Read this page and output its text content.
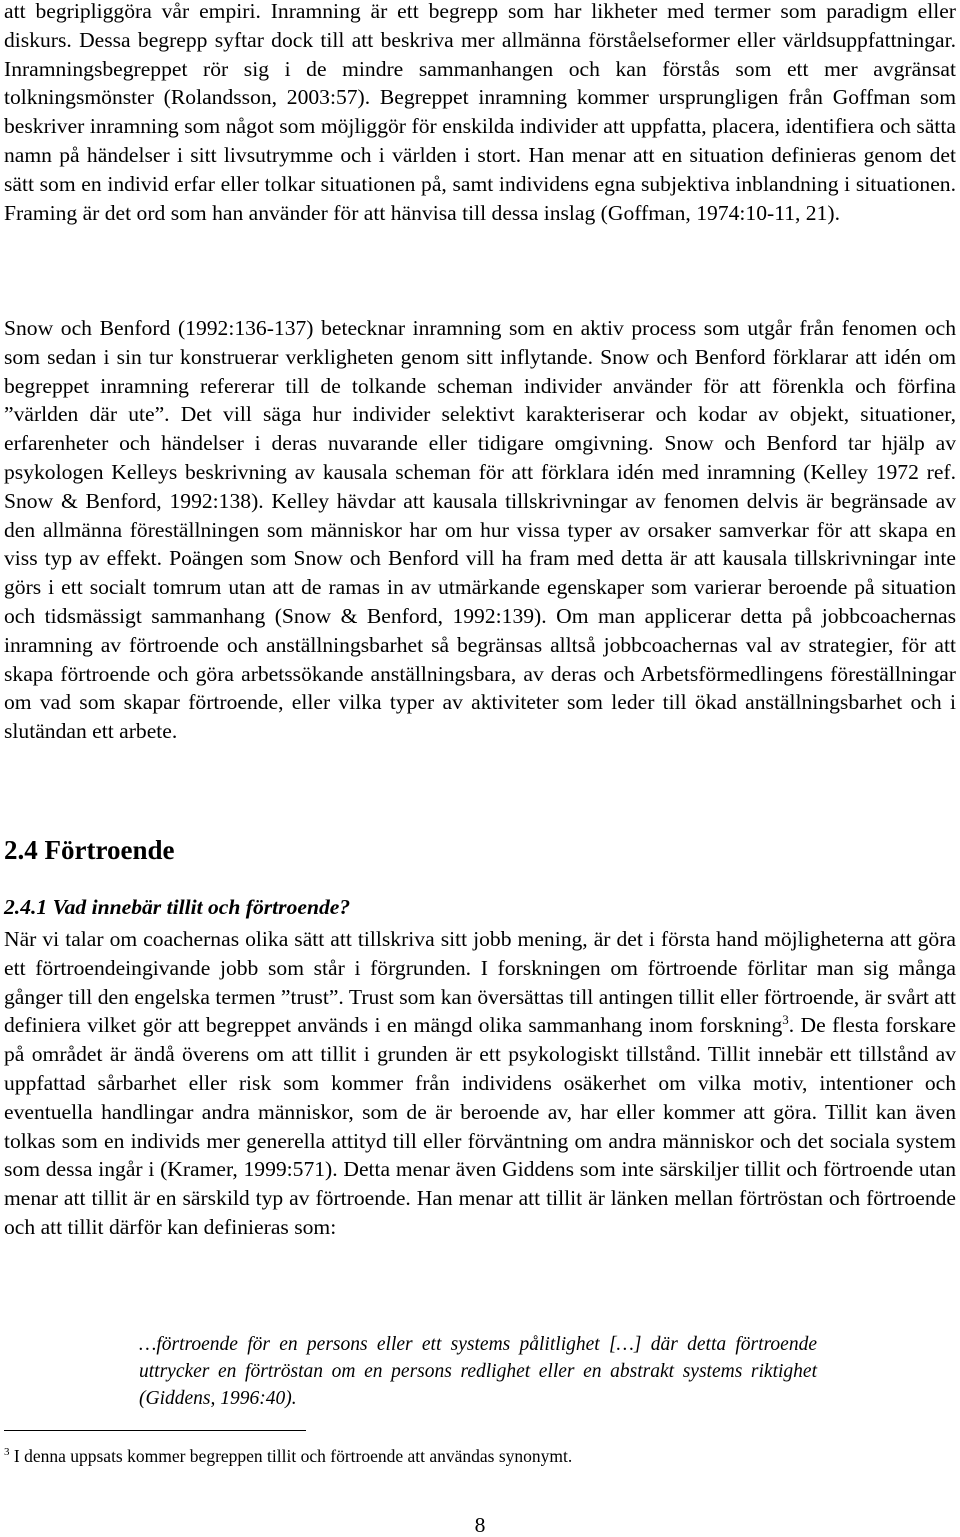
att begripliggöra vår empiri. Inramning är ett begrepp som har likheter med termer som paradigm eller diskurs. Dessa begrepp syftar dock till att beskriva mer allmänna förståelseformer eller världsuppfattningar. Inramningsbegreppet rör sig i de mindre sammanhangen och kan förstås som ett mer avgränsat tolkningsmönster (Rolandsson, 2003:57). Begreppet inramning kommer ursprungligen från Goffman som beskriver inramning som något som möjliggör för enskilda individer att uppfatta, placera, identifiera och sätta namn på händelser i sitt livsutrymme och i världen i stort. Han menar att en situation definieras genom det sätt som en individ erfar eller tolkar situationen på, samt individens egna subjektiva inblandning i situationen. Framing är det ord som han använder för att hänvisa till dessa inslag (Goffman, 1974:10-11, 21).

Snow och Benford (1992:136-137) betecknar inramning som en aktiv process som utgår från fenomen och som sedan i sin tur konstruerar verkligheten genom sitt inflytande. Snow och Benford förklarar att idén om begreppet inramning refererar till de tolkande scheman individer använder för att förenkla och förfina ”världen där ute”. Det vill säga hur individer selektivt karakteriserar och kodar av objekt, situationer, erfarenheter och händelser i deras nuvarande eller tidigare omgivning. Snow och Benford tar hjälp av psykologen Kelleys beskrivning av kausala scheman för att förklara idén med inramning (Kelley 1972 ref. Snow & Benford, 1992:138). Kelley hävdar att kausala tillskrivningar av fenomen delvis är begränsade av den allmänna föreställningen som människor har om hur vissa typer av orsaker samverkar för att skapa en viss typ av effekt. Poängen som Snow och Benford vill ha fram med detta är att kausala tillskrivningar inte görs i ett socialt tomrum utan att de ramas in av utmärkande egenskaper som varierar beroende på situation och tidsmässigt sammanhang (Snow & Benford, 1992:139). Om man applicerar detta på jobbcoachernas inramning av förtroende och anställningsbarhet så begränsas alltså jobbcoachernas val av strategier, för att skapa förtroende och göra arbetssökande anställningsbara, av deras och Arbetsförmedlingens föreställningar om vad som skapar förtroende, eller vilka typer av aktiviteter som leder till ökad anställningsbarhet och i slutändan ett arbete.

2.4 Förtroende
2.4.1 Vad innebär tillit och förtroende?

När vi talar om coachernas olika sätt att tillskriva sitt jobb mening, är det i första hand möjligheterna att göra ett förtroendeingivande jobb som står i förgrunden. I forskningen om förtroende förlitar man sig många gånger till den engelska termen ”trust”. Trust som kan översättas till antingen tillit eller förtroende, är svårt att definiera vilket gör att begreppet används i en mängd olika sammanhang inom forskning$^3$. De flesta forskare på området är ändå överens om att tillit i grunden är ett psykologiskt tillstånd. Tillit innebär ett tillstånd av uppfattad sårbarhet eller risk som kommer från individens osäkerhet om vilka motiv, intentioner och eventuella handlingar andra människor, som de är beroende av, har eller kommer att göra. Tillit kan även tolkas som en individs mer generella attityd till eller förväntning om andra människor och det sociala system som dessa ingår i (Kramer, 1999:571). Detta menar även Giddens som inte särskiljer tillit och förtroende utan menar att tillit är en särskild typ av förtroende. Han menar att tillit är länken mellan förtröstan och förtroende och att tillit därför kan definieras som:

…förtroende för en persons eller ett systems pålitlighet […] där detta förtroende uttrycker en förtröstan om en persons redlighet eller en abstrakt systems riktighet (Giddens, 1996:40).

$^3$ I denna uppsats kommer begreppen tillit och förtroende att användas synonymt.

8
